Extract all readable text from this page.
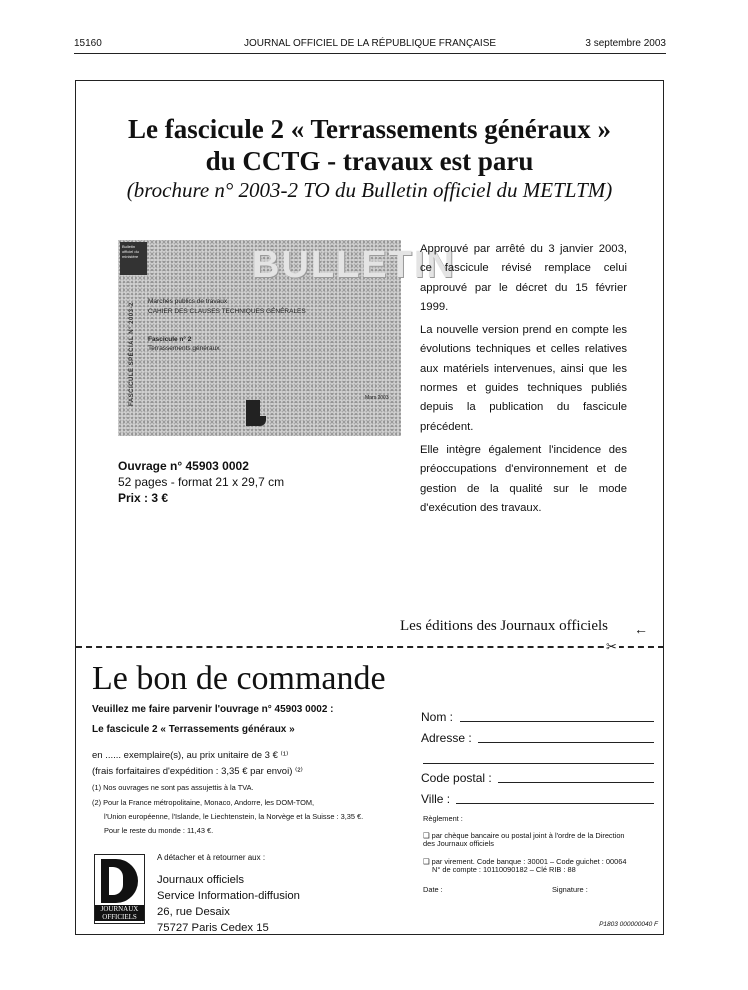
15160	JOURNAL OFFICIEL DE LA RÉPUBLIQUE FRANÇAISE	3 septembre 2003
Le fascicule 2 « Terrassements généraux »
du CCTG - travaux est paru
(brochure n° 2003-2 TO du Bulletin officiel du METLTM)
Bulletin officiel du ministère	BULLETIN
FASCICULE SPÉCIAL N° 2003-2
Marchés publics de travaux
CAHIER DES CLAUSES TECHNIQUES GÉNÉRALES
Fascicule n° 2
Terrassements généraux
Mars 2003

Approuvé par arrêté du 3 janvier 2003, ce fascicule révisé remplace celui approuvé par le décret du 15 février 1999.

La nouvelle version prend en compte les évolutions techniques et celles relatives aux matériels intervenues, ainsi que les normes et guides techniques publiés depuis la publication du fascicule précédent.

Elle intègre également l'incidence des préoccupations d'environnement et de gestion de la qualité sur le mode d'exécution des travaux.

Ouvrage n° 45903 0002
52 pages - format 21 x 29,7 cm
Prix : 3 €
Les éditions des Journaux officiels ←
✂
Le bon de commande
Veuillez me faire parvenir l'ouvrage n° 45903 0002 :
Le fascicule 2 « Terrassements généraux »
en ...... exemplaire(s), au prix unitaire de 3 € ⁽¹⁾
(frais forfaitaires d'expédition : 3,35 € par envoi) ⁽²⁾
(1) Nos ouvrages ne sont pas assujettis à la TVA.
(2) Pour la France métropolitaine, Monaco, Andorre, les DOM-TOM,
l'Union européenne, l'Islande, le Liechtenstein, la Norvège et la Suisse : 3,35 €.
Pour le reste du monde : 11,43 €.
JOURNAUX
OFFICIELS
A détacher et à retourner aux :
Journaux officiels
Service Information-diffusion
26, rue Desaix
75727 Paris Cedex 15
Nom :
Adresse :
Code postal :
Ville :
Règlement :
❑ par chèque bancaire ou postal joint à l'ordre de la Direction des Journaux officiels
❑ par virement. Code banque : 30001 – Code guichet : 00064
N° de compte : 10110090182 – Clé RIB : 88
Date :	Signature :
P1803 000000040 F
